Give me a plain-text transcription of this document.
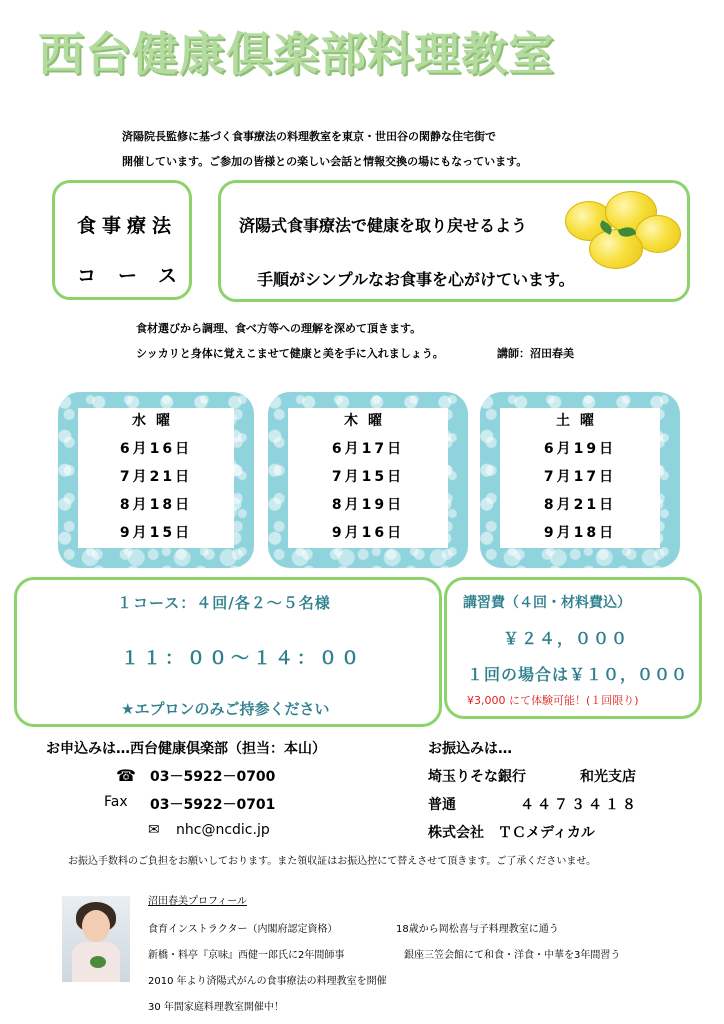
西台健康倶楽部料理教室
済陽院長監修に基づく食事療法の料理教室を東京・世田谷の閑静な住宅街で
開催しています。ご参加の皆様との楽しい会話と情報交換の場にもなっています。
食事療法
コース
済陽式食事療法で健康を取り戻せるよう
手順がシンプルなお食事を心がけています。
食材選びから調理、食べ方等への理解を深めて頂きます。
シッカリと身体に覚えこませて健康と美を手に入れましょう。	講師：沼田春美
水曜
6月16日
7月21日
8月18日
9月15日
木曜
6月17日
7月15日
8月19日
9月16日
土曜
6月19日
7月17日
8月21日
9月18日
１コース：４回/各２～５名様
１１：００～１４：００
★エプロンのみご持参ください
講習費（４回・材料費込）
￥２４，０００
１回の場合は￥１０，０００
¥3,000 にて体験可能！(１回限り)
お申込みは…西台健康倶楽部（担当：本山）
☎ 03－5922－0700
Fax 03－5922－0701
✉ nhc@ncdic.jp
お振込みは…
埼玉りそな銀行	和光支店
普通	４４７３４１８
株式会社　ＴＣメディカル
お振込手数料のご負担をお願いしております。また領収証はお振込控にて替えさせて頂きます。ご了承くださいませ。
沼田春美プロフィール
食育インストラクター（内閣府認定資格）	18歳から岡松喜与子料理教室に通う
新橋・料亭『京味』西健一郎氏に2年間師事	銀座三笠会館にて和食・洋食・中華を3年間習う
2010 年より済陽式がんの食事療法の料理教室を開催
30 年間家庭料理教室開催中！
